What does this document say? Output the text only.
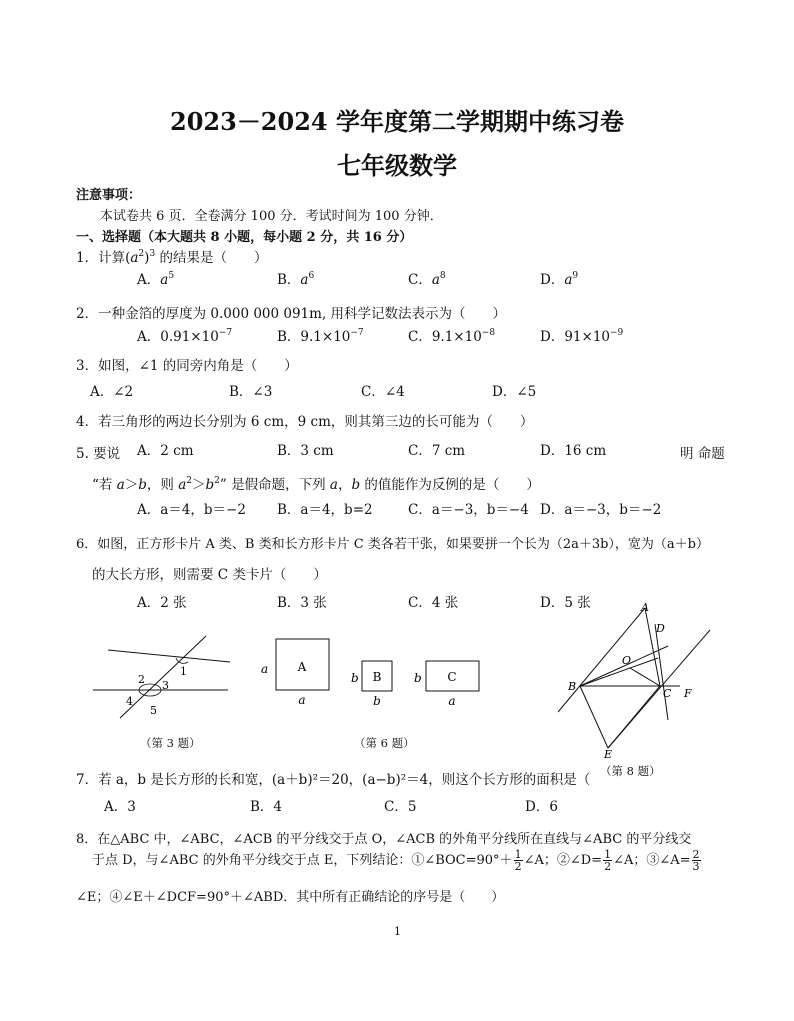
2023－2024 学年度第二学期期中练习卷
七年级数学
注意事项：
本试卷共 6 页．全卷满分 100 分．考试时间为 100 分钟．
一、选择题（本大题共 8 小题，每小题 2 分，共 16 分）
1．计算$(a^2)^3$ 的结果是（　　）
A．$a^5$	B．$a^6$	C．$a^8$	D．$a^9$
2．一种金箔的厚度为 0.000 000 091m, 用科学记数法表示为（　　）
A．$0.91\times 10^{-7}$	B．$9.1\times 10^{-7}$	C．$9.1\times 10^{-8}$	D．$91\times 10^{-9}$
3．如图，∠1 的同旁内角是（　　）
A．∠2	B．∠3	C．∠4	D．∠5
4．若三角形的两边长分别为 6 cm，9 cm，则其第三边的长可能为（　　）
5. 要说 A．2 cm	B．3 cm	C．7 cm	D．16 cm	明 命题
“若 a＞b，则 $a^2>b^2$” 是假命题，下列 a，b 的值能作为反例的是（　　）
A．a＝4，b＝−2 B．a＝4，b=2	C．a＝−3，b＝−4 D．a＝−3，b＝−2
6．如图，正方形卡片 A 类、B 类和长方形卡片 C 类各若干张，如果要拼一个长为（2a＋3b），宽为（a＋b）
的大长方形，则需要 C 类卡片（　　）
A．2 张	B．3 张	C．4 张	D．5 张
1
2 3
4
5
（第 3 题）
A
a
a
B
b
b
C
b
a
（第 6 题）
A
D
O
B
C F
E
（第 8 题）
7．若 a，b 是长方形的长和宽，(a＋b)²＝20，(a−b)²＝4，则这个长方形的面积是（
A．3	B．4	C．5	D．6
8．在△ABC 中，∠ABC，∠ACB 的平分线交于点 O，∠ACB 的外角平分线所在直线与∠ABC 的平分线交
于点 D，与∠ABC 的外角平分线交于点 E，下列结论：①∠BOC=90°＋ $\frac{1}{2}$ ∠A；②∠D= $\frac{1}{2}$ ∠A；③∠A= $\frac{2}{3}$
∠E；④∠E＋∠DCF=90°＋∠ABD．其中所有正确结论的序号是（　　）
1
